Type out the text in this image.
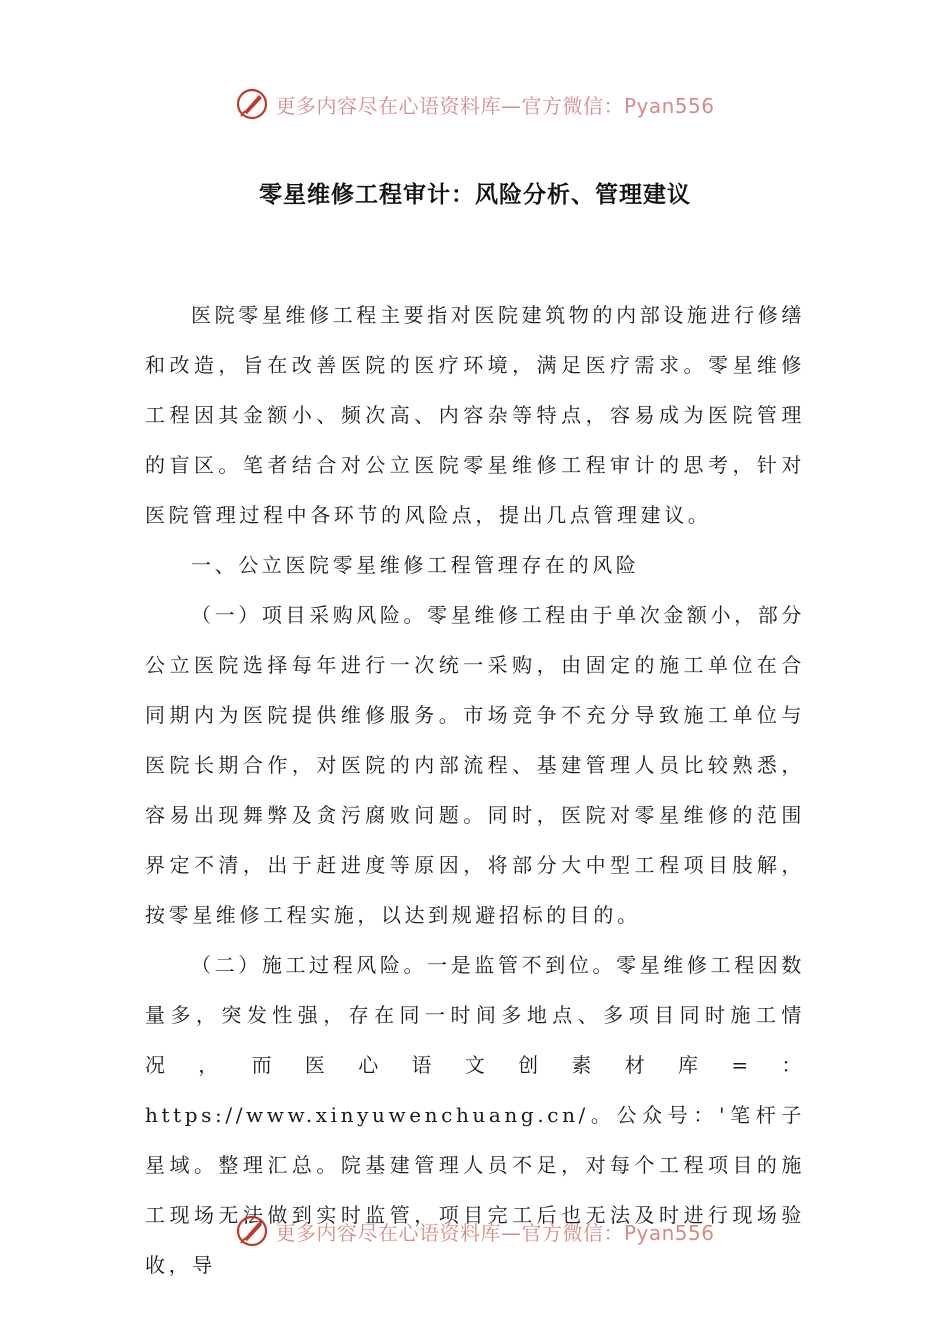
更多内容尽在心语资料库—官方微信：Pyan556
零星维修工程审计：风险分析、管理建议

医院零星维修工程主要指对医院建筑物的内部设施进行修缮和改造，旨在改善医院的医疗环境，满足医疗需求。零星维修工程因其金额小、频次高、内容杂等特点，容易成为医院管理的盲区。笔者结合对公立医院零星维修工程审计的思考，针对医院管理过程中各环节的风险点，提出几点管理建议。

一、公立医院零星维修工程管理存在的风险

（一）项目采购风险。零星维修工程由于单次金额小，部分公立医院选择每年进行一次统一采购，由固定的施工单位在合同期内为医院提供维修服务。市场竞争不充分导致施工单位与医院长期合作，对医院的内部流程、基建管理人员比较熟悉，容易出现舞弊及贪污腐败问题。同时，医院对零星维修的范围界定不清，出于赶进度等原因，将部分大中型工程项目肢解，按零星维修工程实施，以达到规避招标的目的。

（二）施工过程风险。一是监管不到位。零星维修工程因数量多，突发性强，存在同一时间多地点、多项目同时施工情况，而医心语文创素材库=：https://www.xinyuwenchuang.cn/。公众号：'笔杆子星域。整理汇总。院基建管理人员不足，对每个工程项目的施工现场无法做到实时监管，项目完工后也无法及时进行现场验收，导

更多内容尽在心语资料库—官方微信：Pyan556
